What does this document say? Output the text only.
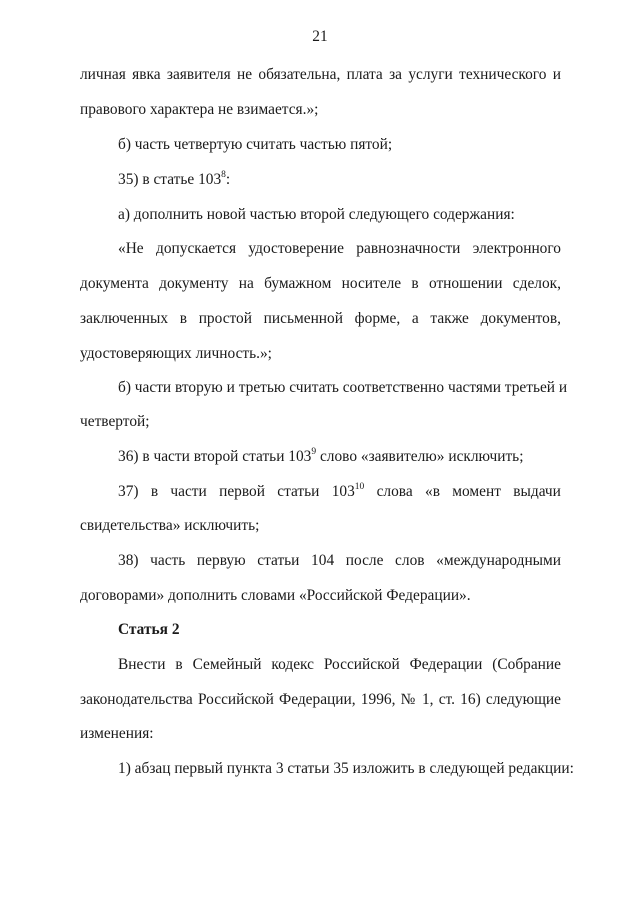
21
личная явка заявителя не обязательна, плата за услуги технического и
правового характера не взимается.»;
б) часть четвертую считать частью пятой;
35) в статье $103^8$:
а) дополнить новой частью второй следующего содержания:
«Не допускается удостоверение равнозначности электронного
документа документу на бумажном носителе в отношении сделок,
заключенных в простой письменной форме, а также документов,
удостоверяющих личность.»;
б) части вторую и третью считать соответственно частями третьей и
четвертой;
36) в части второй статьи $103^9$ слово «заявителю» исключить;
37) в части первой статьи $103^{10}$ слова «в момент выдачи
свидетельства» исключить;
38) часть первую статьи 104 после слов «международными
договорами» дополнить словами «Российской Федерации».
Статья 2
Внести в Семейный кодекс Российской Федерации (Собрание
законодательства Российской Федерации, 1996, № 1, ст. 16) следующие
изменения:
1) абзац первый пункта 3 статьи 35 изложить в следующей редакции:
